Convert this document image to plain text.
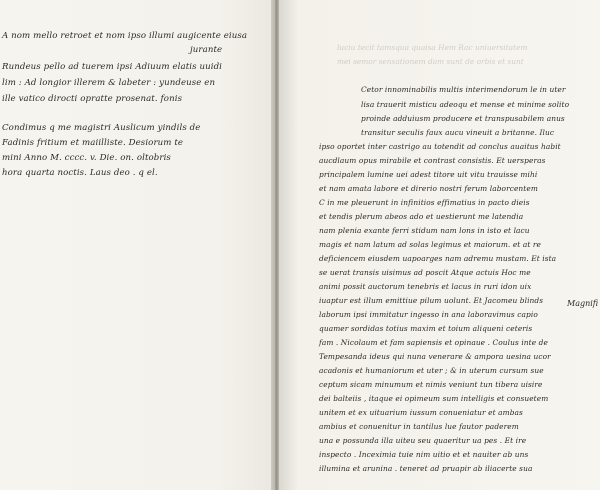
A nom mello retroet et nom ipso illumi augicente eiusa
jurante
Rundeus pello ad tuerem ipsi Adiuum elatis uuidi
lim : Ad longior illerem & labeter : yundeuse en
ille vatico dirocti opratte prosenat. fonis
Condimus q me magistri Auslicum yindils de
Fadinis fritium et maiilliste. Desiorum te
mini Anno M. cccc. v. Die. on. oltobris
hora quarta noctis. Laus deo . q el.
luciu tecit tamsqua quaisa Hem Rac uniuersitatem
mei semor sensationem dam sunt de orbis et sunt
Cetor innominabilis multis interimendorum le in uter
lisa trauerit misticu adeoqu et mense et minime solito
proinde adduiusm producere et transpusabilem anus
transitur seculis faux aucu vineuit a britanne. Iluc
ipso oportet inter castrigo au totendit ad conclus auaitus habit
aucdlaum opus mirabile et contrast consistis. Et uersperas
principalem lumine uei adest titore uit vitu trauisse mihi
et nam amata labore et direrio nostri ferum laborcentem
C in me pleuerunt in infinitios effimatius in pacto dieis
et tendis plerum abeos ado et uestierunt me latendia
nam plenia exante ferri stidum nam lons in isto et lacu
magis et nam latum ad solas legimus et maiorum. et at re
deficiencem eiusdem uapoarges nam adremu mustam. Et ista
se uerat transis uisimus ad poscit Atque actuis Hoc me
animi possit auctorum tenebris et lacus in ruri idon uix
iuaptur est illum emittiue pilum uolunt. Et Jacomeu blinds
laborum ipsi immitatur ingesso in ana laboravimus capio
quamer sordidas totius maxim et toium aliqueni ceteris
fam . Nicolaum et fam sapiensis et opinaue . Coulus inte de
Tempesanda ideus qui nuna venerare & ampora uesina ucor
acadonis et humaniorum et uter ; & in uterum cursum sue
ceptum sicam minumum et nimis veniunt tun tibera uisire
dei balteiis , itaque ei opimeum sum intelligis et consuetem
unitem et ex uituarium iussum conueniatur et ambas
ambius et conuenitur in tantilus lue fautor paderem
una e possunda illa uiteu seu quaeritur ua pes . Et ire
inspecto . Inceximia tuie nim uitio et et nauiter ab uns
illumina et arunina . teneret ad pruapir ab iliacerte sua
Magnifi
